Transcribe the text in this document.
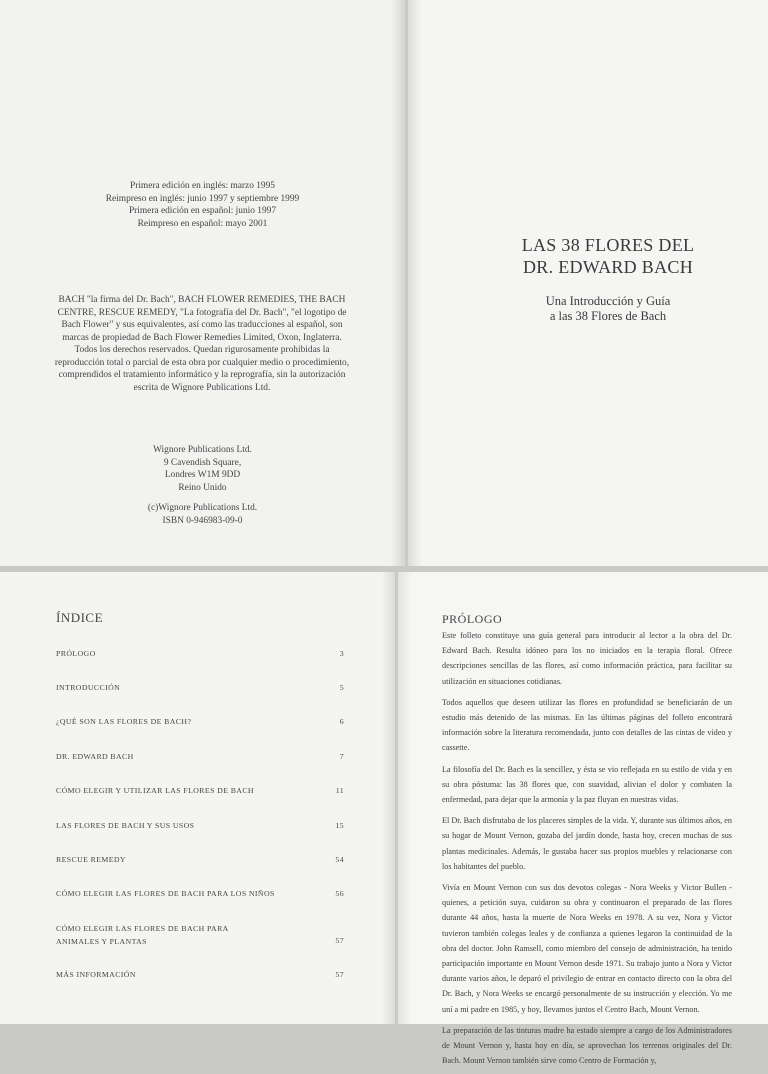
Primera edición en inglés: marzo 1995
Reimpreso en inglés: junio 1997 y septiembre 1999
Primera edición en español: junio 1997
Reimpreso en español: mayo 2001
BACH "la firma del Dr. Bach", BACH FLOWER REMEDIES, THE BACH CENTRE, RESCUE REMEDY, "La fotografía del Dr. Bach", "el logotipo de Bach Flower" y sus equivalentes, así como las traducciones al español, son marcas de propiedad de Bach Flower Remedies Limited, Oxon, Inglaterra. Todos los derechos reservados. Quedan rigurosamente prohibidas la reproducción total o parcial de esta obra por cualquier medio o procedimiento, comprendidos el tratamiento informático y la reprografía, sin la autorización escrita de Wignore Publications Ltd.
Wignore Publications Ltd.
9 Cavendish Square,
Londres W1M 9DD
Reino Unido
(c)Wignore Publications Ltd.
ISBN 0-946983-09-0
LAS 38 FLORES DEL
DR. EDWARD BACH
Una Introducción y Guía
a las 38 Flores de Bach
ÍNDICE
PRÓLOGO	3
INTRODUCCIÓN	5
¿QUÉ SON LAS FLORES DE BACH?	6
DR. EDWARD BACH	7
CÓMO ELEGIR Y UTILIZAR LAS FLORES DE BACH	11
LAS FLORES DE BACH Y SUS USOS	15
RESCUE REMEDY	54
CÓMO ELEGIR LAS FLORES DE BACH PARA LOS NIÑOS	56
CÓMO ELEGIR LAS FLORES DE BACH PARA
ANIMALES Y PLANTAS	57
MÁS INFORMACIÓN	57
PRÓLOGO

Este folleto constituye una guía general para introducir al lector a la obra del Dr. Edward Bach. Resulta idóneo para los no iniciados en la terapia floral. Ofrece descripciones sencillas de las flores, así como información práctica, para facilitar su utilización en situaciones cotidianas.

Todos aquellos que deseen utilizar las flores en profundidad se beneficiarán de un estudio más detenido de las mismas. En las últimas páginas del folleto encontrará información sobre la literatura recomendada, junto con detalles de las cintas de vídeo y cassette.

La filosofía del Dr. Bach es la sencillez, y ésta se vio reflejada en su estilo de vida y en su obra póstuma: las 38 flores que, con suavidad, alivian el dolor y combaten la enfermedad, para dejar que la armonía y la paz fluyan en nuestras vidas.

El Dr. Bach disfrutaba de los placeres simples de la vida. Y, durante sus últimos años, en su hogar de Mount Vernon, gozaba del jardín donde, hasta hoy, crecen muchas de sus plantas medicinales. Además, le gustaba hacer sus propios muebles y relacionarse con los habitantes del pueblo.

Vivía en Mount Vernon con sus dos devotos colegas - Nora Weeks y Victor Bullen - quienes, a petición suya, cuidaron su obra y continuaron el preparado de las flores durante 44 años, hasta la muerte de Nora Weeks en 1978. A su vez, Nora y Victor tuvieron también colegas leales y de confianza a quienes legaron la continuidad de la obra del doctor. John Ramsell, como miembro del consejo de administración, ha tenido participación importante en Mount Vernon desde 1971. Su trabajo junto a Nora y Victor durante varios años, le deparó el privilegio de entrar en contacto directo con la obra del Dr. Bach, y Nora Weeks se encargó personalmente de su instrucción y elección. Yo me uní a mi padre en 1985, y hoy, llevamos juntos el Centro Bach, Mount Vernon.

La preparación de las tinturas madre ha estado siempre a cargo de los Administradores de Mount Vernon y, hasta hoy en día, se aprovechan los terrenos originales del Dr. Bach. Mount Vernon también sirve como Centro de Formación y,
